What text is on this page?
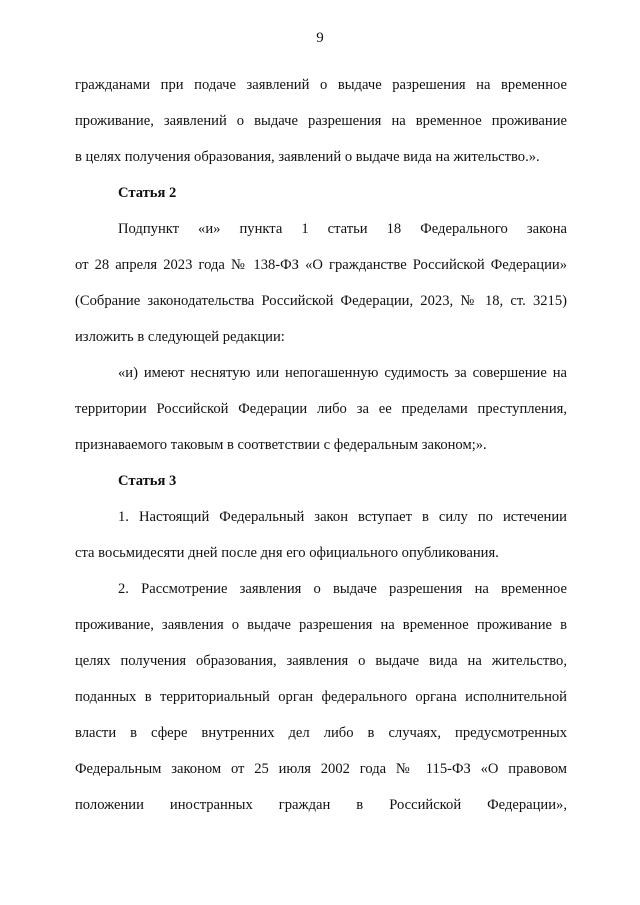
9
гражданами при подаче заявлений о выдаче разрешения на временное
проживание, заявлений о выдаче разрешения на временное проживание
в целях получения образования, заявлений о выдаче вида на жительство.».
Статья 2
Подпункт «и» пункта 1 статьи 18 Федерального закона
от 28 апреля 2023 года № 138-ФЗ «О гражданстве Российской Федерации»
(Собрание законодательства Российской Федерации, 2023, № 18, ст. 3215)
изложить в следующей редакции:
«и) имеют неснятую или непогашенную судимость за совершение на
территории Российской Федерации либо за ее пределами преступления,
признаваемого таковым в соответствии с федеральным законом;».
Статья 3
1. Настоящий Федеральный закон вступает в силу по истечении
ста восьмидесяти дней после дня его официального опубликования.
2. Рассмотрение заявления о выдаче разрешения на временное
проживание, заявления о выдаче разрешения на временное проживание в
целях получения образования, заявления о выдаче вида на жительство,
поданных в территориальный орган федерального органа исполнительной
власти в сфере внутренних дел либо в случаях, предусмотренных
Федеральным законом от 25 июля 2002 года № 115-ФЗ «О правовом
положении иностранных граждан в Российской Федерации»,
